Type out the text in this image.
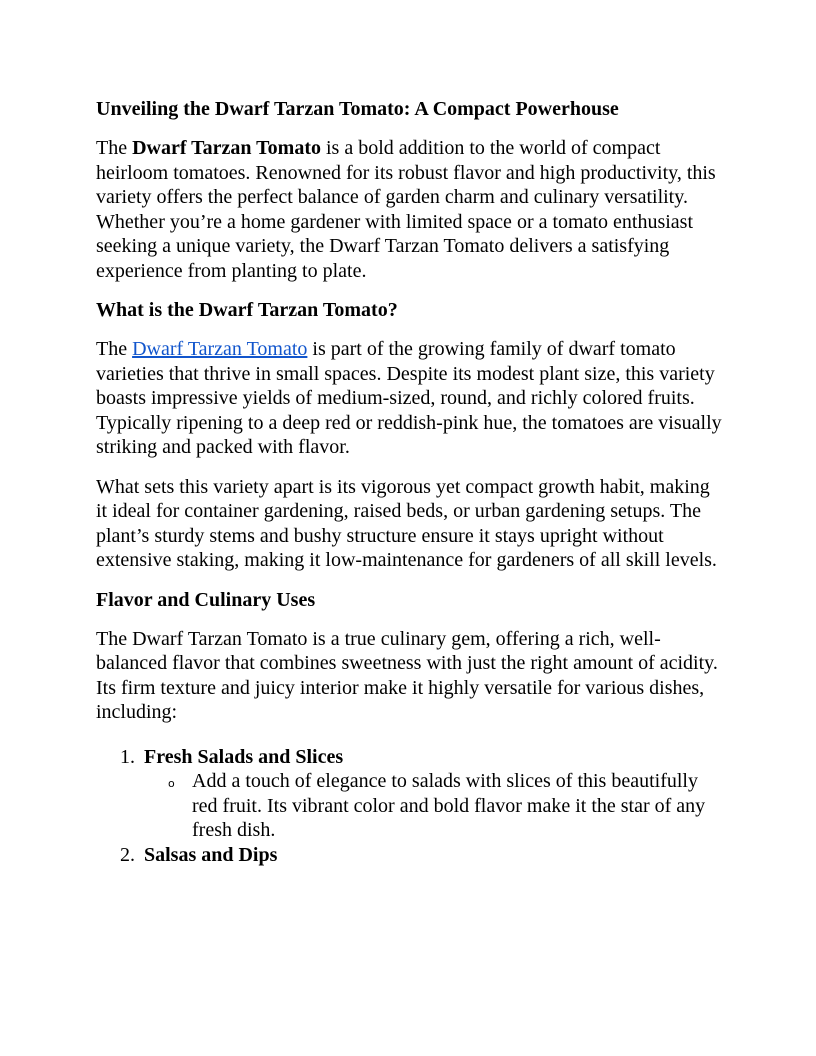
Unveiling the Dwarf Tarzan Tomato: A Compact Powerhouse

The Dwarf Tarzan Tomato is a bold addition to the world of compact heirloom tomatoes. Renowned for its robust flavor and high productivity, this variety offers the perfect balance of garden charm and culinary versatility. Whether you’re a home gardener with limited space or a tomato enthusiast seeking a unique variety, the Dwarf Tarzan Tomato delivers a satisfying experience from planting to plate.

What is the Dwarf Tarzan Tomato?

The Dwarf Tarzan Tomato is part of the growing family of dwarf tomato varieties that thrive in small spaces. Despite its modest plant size, this variety boasts impressive yields of medium-sized, round, and richly colored fruits. Typically ripening to a deep red or reddish-pink hue, the tomatoes are visually striking and packed with flavor.

What sets this variety apart is its vigorous yet compact growth habit, making it ideal for container gardening, raised beds, or urban gardening setups. The plant’s sturdy stems and bushy structure ensure it stays upright without extensive staking, making it low-maintenance for gardeners of all skill levels.

Flavor and Culinary Uses

The Dwarf Tarzan Tomato is a true culinary gem, offering a rich, well-balanced flavor that combines sweetness with just the right amount of acidity. Its firm texture and juicy interior make it highly versatile for various dishes, including:

1. Fresh Salads and Slices
o Add a touch of elegance to salads with slices of this beautifully red fruit. Its vibrant color and bold flavor make it the star of any fresh dish.
2. Salsas and Dips
